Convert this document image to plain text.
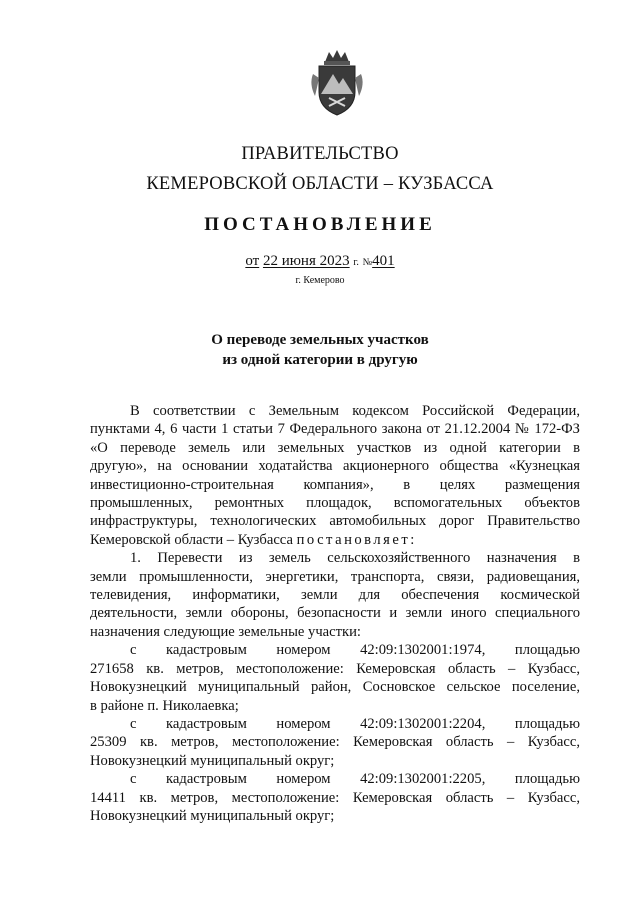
ПРАВИТЕЛЬСТВО
КЕМЕРОВСКОЙ ОБЛАСТИ – КУЗБАССА
ПОСТАНОВЛЕНИЕ
от 22 июня 2023 г. №401
г. Кемерово
О переводе земельных участков
из одной категории в другую

В соответствии с Земельным кодексом Российской Федерации,

пунктами 4, 6 части 1 статьи 7 Федерального закона от 21.12.2004 № 172-ФЗ

«О переводе земель или земельных участков из одной категории в

другую», на основании ходатайства акционерного общества «Кузнецкая

инвестиционно-строительная компания», в целях размещения

промышленных, ремонтных площадок, вспомогательных объектов

инфраструктуры, технологических автомобильных дорог Правительство

Кемеровской области – Кузбасса постановляет:

1. Перевести из земель сельскохозяйственного назначения в

земли промышленности, энергетики, транспорта, связи, радиовещания,

телевидения, информатики, земли для обеспечения космической

деятельности, земли обороны, безопасности и земли иного специального

назначения следующие земельные участки:

с кадастровым номером 42:09:1302001:1974, площадью

271658 кв. метров, местоположение: Кемеровская область – Кузбасс,

Новокузнецкий муниципальный район, Сосновское сельское поселение,

в районе п. Николаевка;

с кадастровым номером 42:09:1302001:2204, площадью

25309 кв. метров, местоположение: Кемеровская область – Кузбасс,

Новокузнецкий муниципальный округ;

с кадастровым номером 42:09:1302001:2205, площадью

14411 кв. метров, местоположение: Кемеровская область – Кузбасс,

Новокузнецкий муниципальный округ;
